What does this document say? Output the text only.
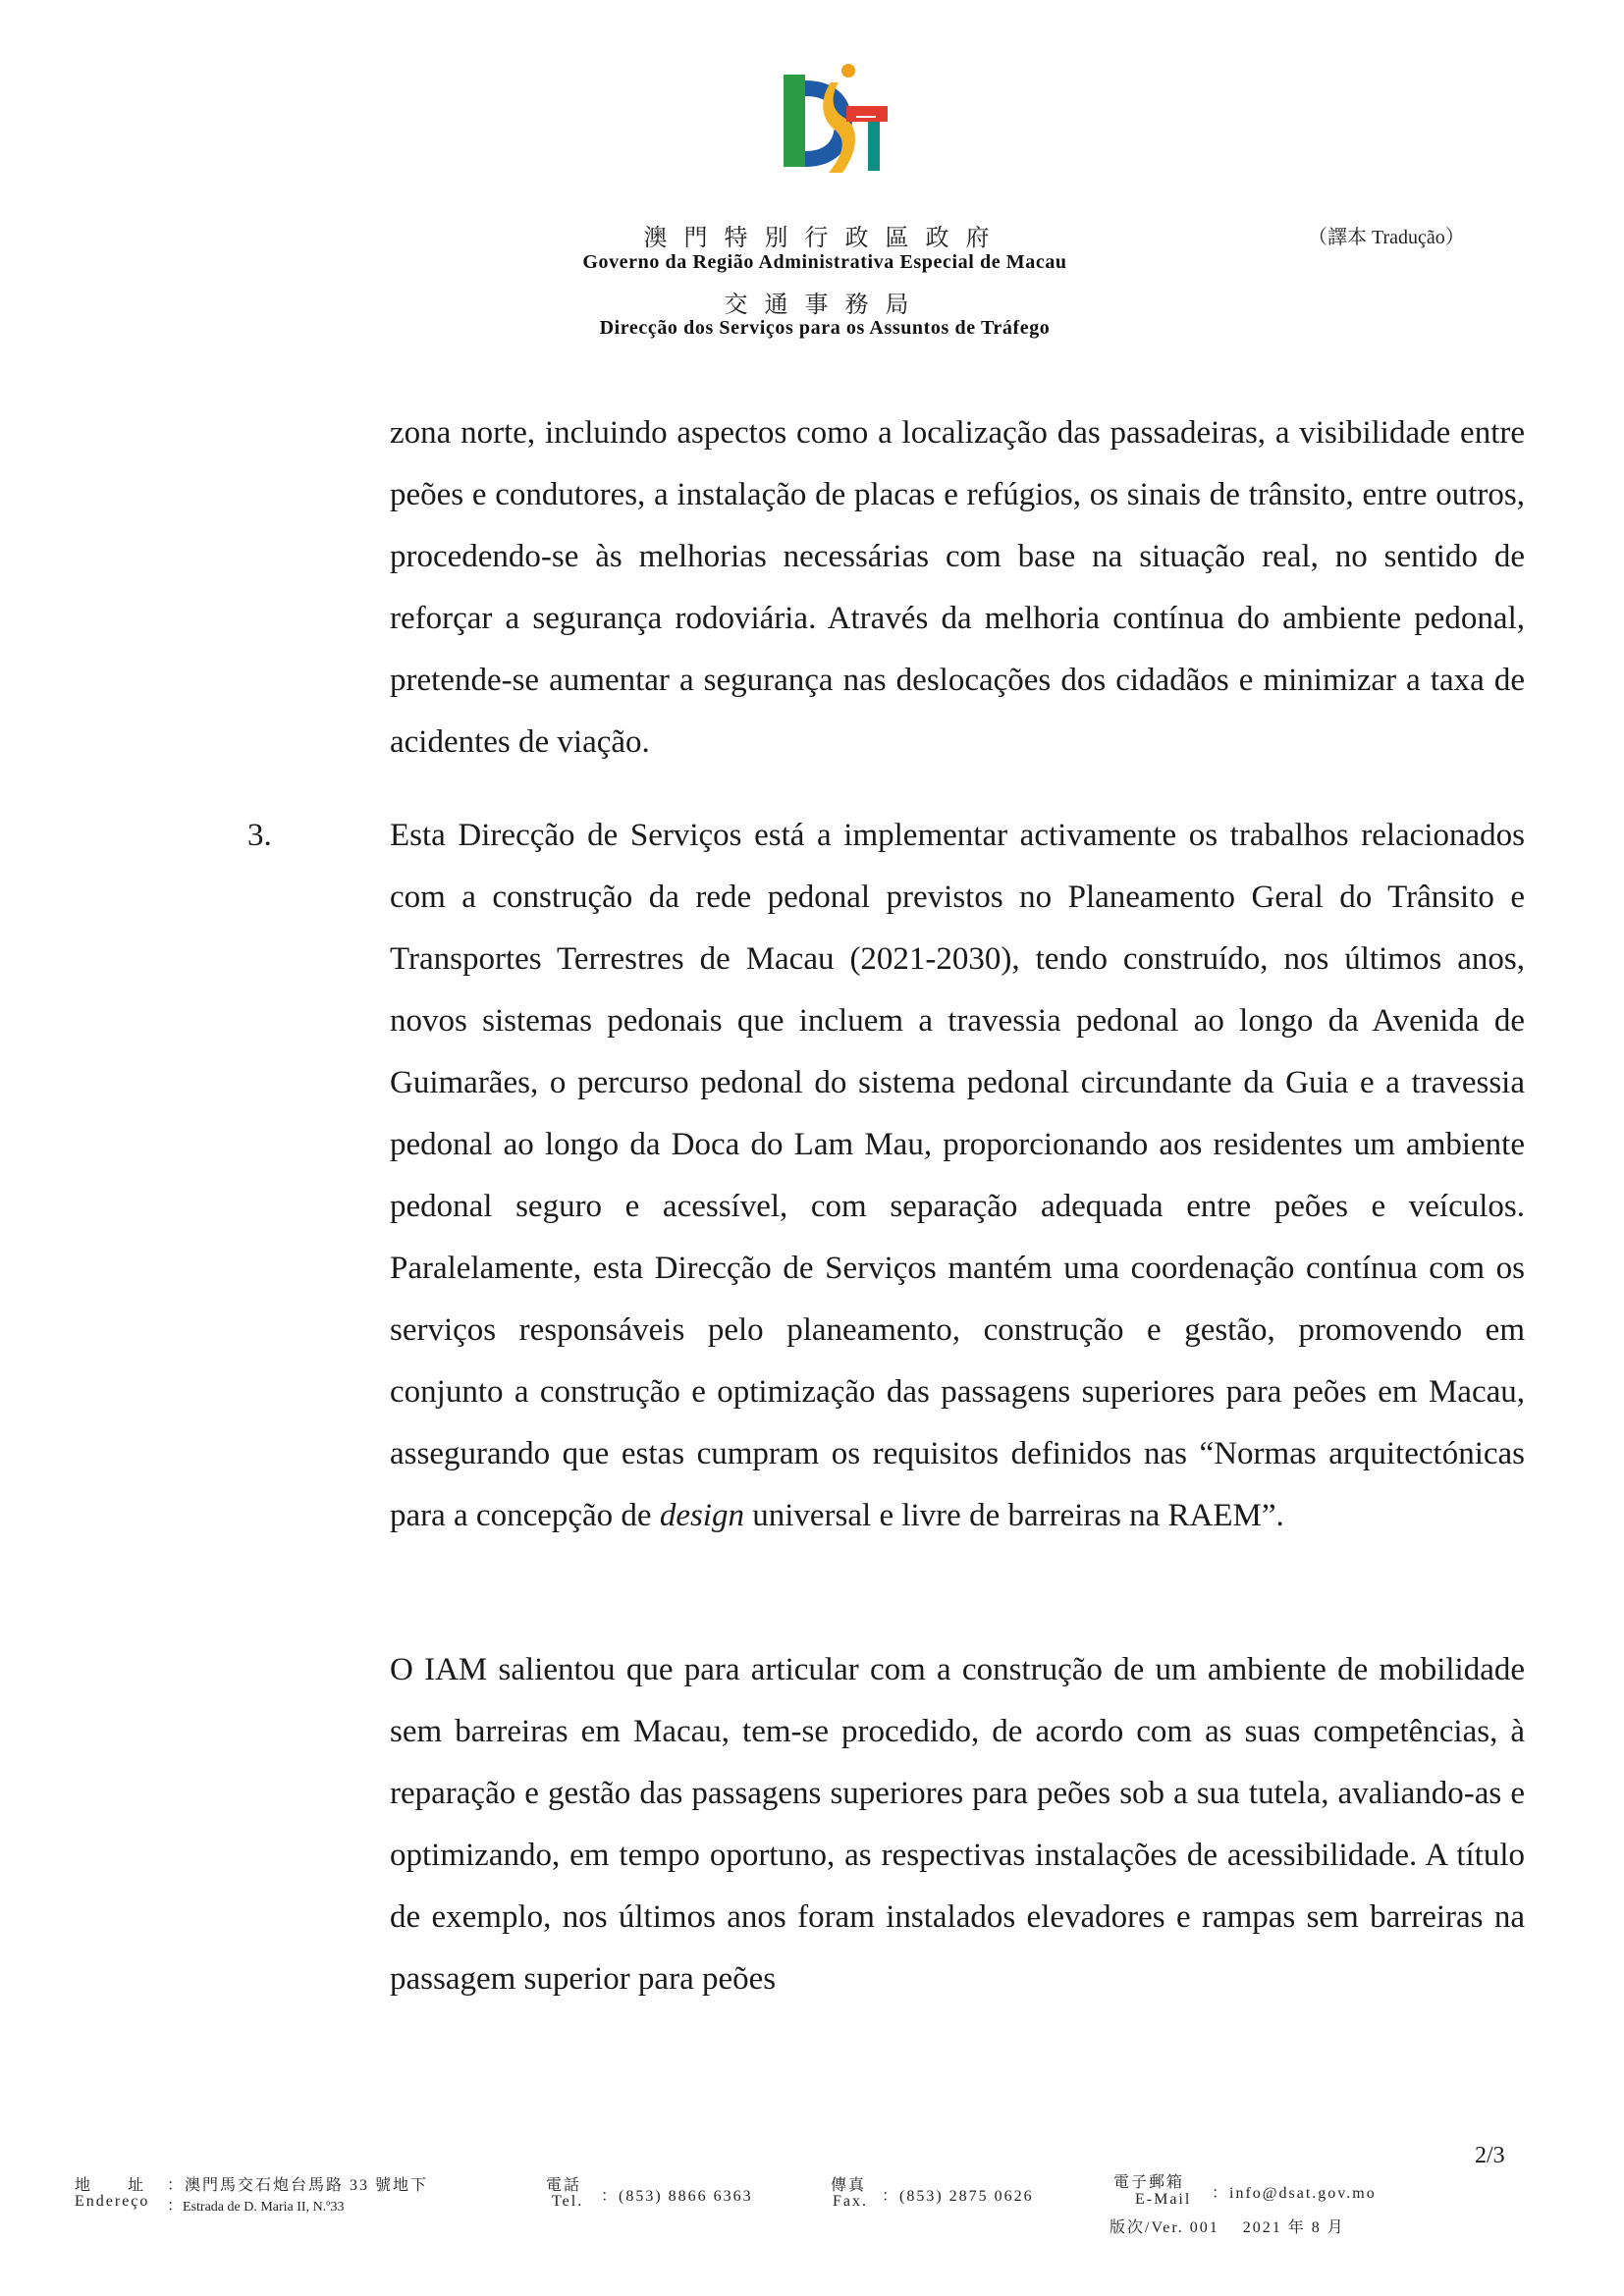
澳門特別行政區政府
Governo da Região Administrativa Especial de Macau
交通事務局
Direcção dos Serviços para os Assuntos de Tráfego
（譯本 Tradução）

zona norte, incluindo aspectos como a localização das passadeiras, a visibilidade entre peões e condutores, a instalação de placas e refúgios, os sinais de trânsito, entre outros, procedendo-se às melhorias necessárias com base na situação real, no sentido de reforçar a segurança rodoviária. Através da melhoria contínua do ambiente pedonal, pretende-se aumentar a segurança nas deslocações dos cidadãos e minimizar a taxa de acidentes de viação.

3.	Esta Direcção de Serviços está a implementar activamente os trabalhos relacionados com a construção da rede pedonal previstos no Planeamento Geral do Trânsito e Transportes Terrestres de Macau (2021-2030), tendo construído, nos últimos anos, novos sistemas pedonais que incluem a travessia pedonal ao longo da Avenida de Guimarães, o percurso pedonal do sistema pedonal circundante da Guia e a travessia pedonal ao longo da Doca do Lam Mau, proporcionando aos residentes um ambiente pedonal seguro e acessível, com separação adequada entre peões e veículos. Paralelamente, esta Direcção de Serviços mantém uma coordenação contínua com os serviços responsáveis pelo planeamento, construção e gestão, promovendo em conjunto a construção e optimização das passagens superiores para peões em Macau, assegurando que estas cumpram os requisitos definidos nas “Normas arquitectónicas para a concepção de design universal e livre de barreiras na RAEM”.

O IAM salientou que para articular com a construção de um ambiente de mobilidade sem barreiras em Macau, tem-se procedido, de acordo com as suas competências, à reparação e gestão das passagens superiores para peões sob a sua tutela, avaliando-as e optimizando, em tempo oportuno, as respectivas instalações de acessibilidade. A título de exemplo, nos últimos anos foram instalados elevadores e rampas sem barreiras na passagem superior para peões

2/3
地　　址
Endereço
：澳門馬交石炮台馬路 33 號地下
：Estrada de D. Maria II, N.º33
電話
Tel. ：(853) 8866 6363
傳真
Fax. ：(853) 2875 0626
電子郵箱
E-Mail ：info@dsat.gov.mo
版次/Ver. 001　 2021 年 8 月
